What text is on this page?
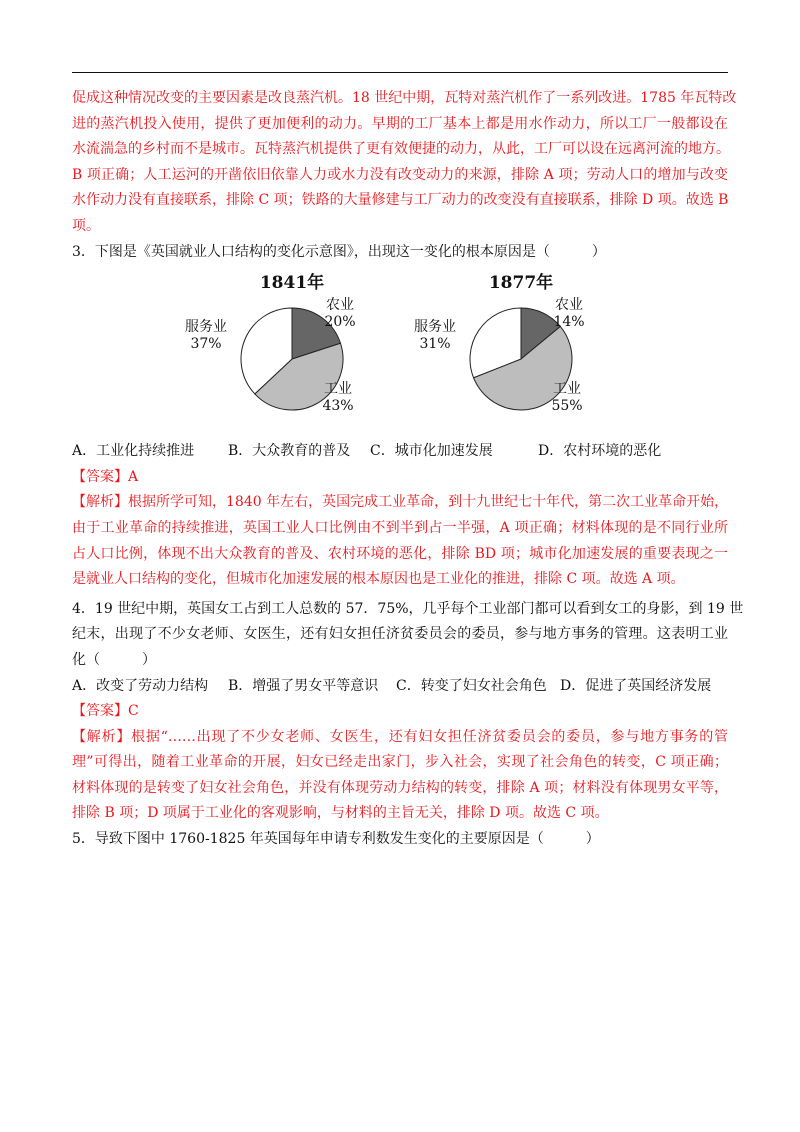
促成这种情况改变的主要因素是改良蒸汽机。18 世纪中期，瓦特对蒸汽机作了一系列改进。1785 年瓦特改
进的蒸汽机投入使用，提供了更加便利的动力。早期的工厂基本上都是用水作动力，所以工厂一般都设在
水流湍急的乡村而不是城市。瓦特蒸汽机提供了更有效便捷的动力，从此，工厂可以设在远离河流的地方。
B 项正确；人工运河的开凿依旧依靠人力或水力没有改变动力的来源，排除 A 项；劳动人口的增加与改变
水作动力没有直接联系，排除 C 项；铁路的大量修建与工厂动力的改变没有直接联系，排除 D 项。故选 B
项。
3．下图是《英国就业人口结构的变化示意图》，出现这一变化的根本原因是（　　　）
1841年
农业
20%
工业
43%
服务业
37%
1877年
农业
14%
工业
55%
服务业
31%
A．工业化持续推进	B．大众教育的普及	C．城市化加速发展	D．农村环境的恶化
【答案】A
【解析】根据所学可知，1840 年左右，英国完成工业革命，到十九世纪七十年代，第二次工业革命开始，
由于工业革命的持续推进，英国工业人口比例由不到半到占一半强，A 项正确；材料体现的是不同行业所
占人口比例，体现不出大众教育的普及、农村环境的恶化，排除 BD 项；城市化加速发展的重要表现之一
是就业人口结构的变化，但城市化加速发展的根本原因也是工业化的推进，排除 C 项。故选 A 项。
4．19 世纪中期，英国女工占到工人总数的 57．75%，几乎每个工业部门都可以看到女工的身影，到 19 世
纪末，出现了不少女老师、女医生，还有妇女担任济贫委员会的委员，参与地方事务的管理。这表明工业
化（　　　）
A．改变了劳动力结构	B．增强了男女平等意识	C．转变了妇女社会角色 D．促进了英国经济发展
【答案】C
【解析】根据“……出现了不少女老师、女医生，还有妇女担任济贫委员会的委员，参与地方事务的管
理”可得出，随着工业革命的开展，妇女已经走出家门，步入社会，实现了社会角色的转变，C 项正确；
材料体现的是转变了妇女社会角色，并没有体现劳动力结构的转变，排除 A 项；材料没有体现男女平等，
排除 B 项；D 项属于工业化的客观影响，与材料的主旨无关，排除 D 项。故选 C 项。
5．导致下图中 1760-1825 年英国每年申请专利数发生变化的主要原因是（　　　）
